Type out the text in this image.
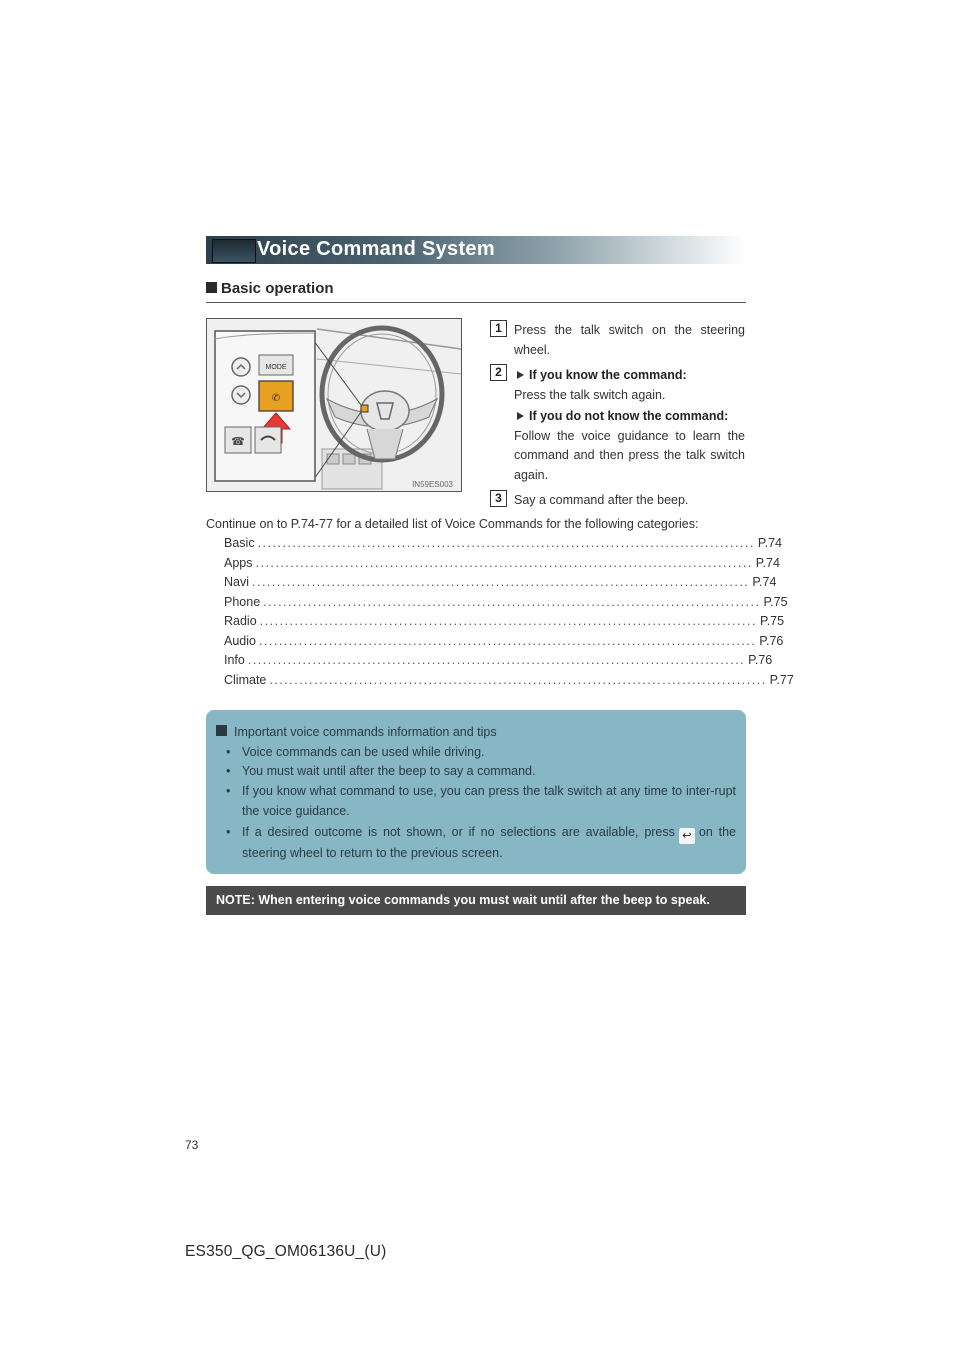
Voice Command System
Basic operation
MODE
✆
☎
IN59ES003
1 Press the talk switch on the steering wheel.
2	If you know the command:
Press the talk switch again.
If you do not know the command:
Follow the voice guidance to learn the command and then press the talk switch again.
3 Say a command after the beep.
Continue on to P.74-77 for a detailed list of Voice Commands for the following categories:
Basic .................................................................................................... P.74
Apps .................................................................................................... P.74
Navi .................................................................................................... P.74
Phone .................................................................................................... P.75
Radio .................................................................................................... P.75
Audio .................................................................................................... P.76
Info .................................................................................................... P.76
Climate .................................................................................................... P.77
Important voice commands information and tips
• Voice commands can be used while driving.
• You must wait until after the beep to say a command.
• If you know what command to use, you can press the talk switch at any time to inter-rupt the voice guidance.
• If a desired outcome is not shown, or if no selections are available, press ↩ on the steering wheel to return to the previous screen.
NOTE: When entering voice commands you must wait until after the beep to speak.
73
ES350_QG_OM06136U_(U)
